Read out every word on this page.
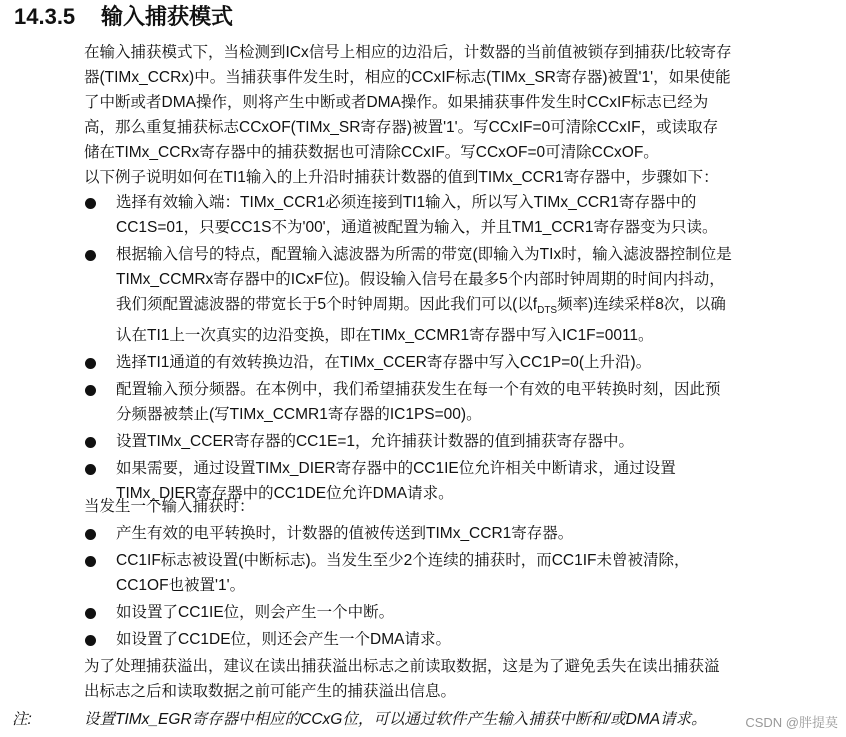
14.3.5 输入捕获模式

在输入捕获模式下，当检测到ICx信号上相应的边沿后，计数器的当前值被锁存到捕获/比较寄存

器(TIMx_CCRx)中。当捕获事件发生时，相应的CCxIF标志(TIMx_SR寄存器)被置'1'，如果使能

了中断或者DMA操作，则将产生中断或者DMA操作。如果捕获事件发生时CCxIF标志已经为

高，那么重复捕获标志CCxOF(TIMx_SR寄存器)被置'1'。写CCxIF=0可清除CCxIF，或读取存

储在TIMx_CCRx寄存器中的捕获数据也可清除CCxIF。写CCxOF=0可清除CCxOF。

以下例子说明如何在TI1输入的上升沿时捕获计数器的值到TIMx_CCR1寄存器中，步骤如下：

选择有效输入端：TIMx_CCR1必须连接到TI1输入，所以写入TIMx_CCR1寄存器中的
CC1S=01，只要CC1S不为'00'，通道被配置为输入，并且TM1_CCR1寄存器变为只读。
根据输入信号的特点，配置输入滤波器为所需的带宽(即输入为TIx时，输入滤波器控制位是
TIMx_CCMRx寄存器中的ICxF位)。假设输入信号在最多5个内部时钟周期的时间内抖动，
我们须配置滤波器的带宽长于5个时钟周期。因此我们可以(以$f_{DTS}$频率)连续采样8次，以确
认在TI1上一次真实的边沿变换，即在TIMx_CCMR1寄存器中写入IC1F=0011。
选择TI1通道的有效转换边沿，在TIMx_CCER寄存器中写入CC1P=0(上升沿)。
配置输入预分频器。在本例中，我们希望捕获发生在每一个有效的电平转换时刻，因此预
分频器被禁止(写TIMx_CCMR1寄存器的IC1PS=00)。
设置TIMx_CCER寄存器的CC1E=1，允许捕获计数器的值到捕获寄存器中。
如果需要，通过设置TIMx_DIER寄存器中的CC1IE位允许相关中断请求，通过设置
TIMx_DIER寄存器中的CC1DE位允许DMA请求。

当发生一个输入捕获时：

产生有效的电平转换时，计数器的值被传送到TIMx_CCR1寄存器。
CC1IF标志被设置(中断标志)。当发生至少2个连续的捕获时，而CC1IF未曾被清除，
CC1OF也被置'1'。
如设置了CC1IE位，则会产生一个中断。
如设置了CC1DE位，则还会产生一个DMA请求。

为了处理捕获溢出，建议在读出捕获溢出标志之前读取数据，这是为了避免丢失在读出捕获溢

出标志之后和读取数据之前可能产生的捕获溢出信息。

注:	设置TIMx_EGR寄存器中相应的CCxG位，可以通过软件产生输入捕获中断和/或DMA请求。	CSDN @胖提莫
